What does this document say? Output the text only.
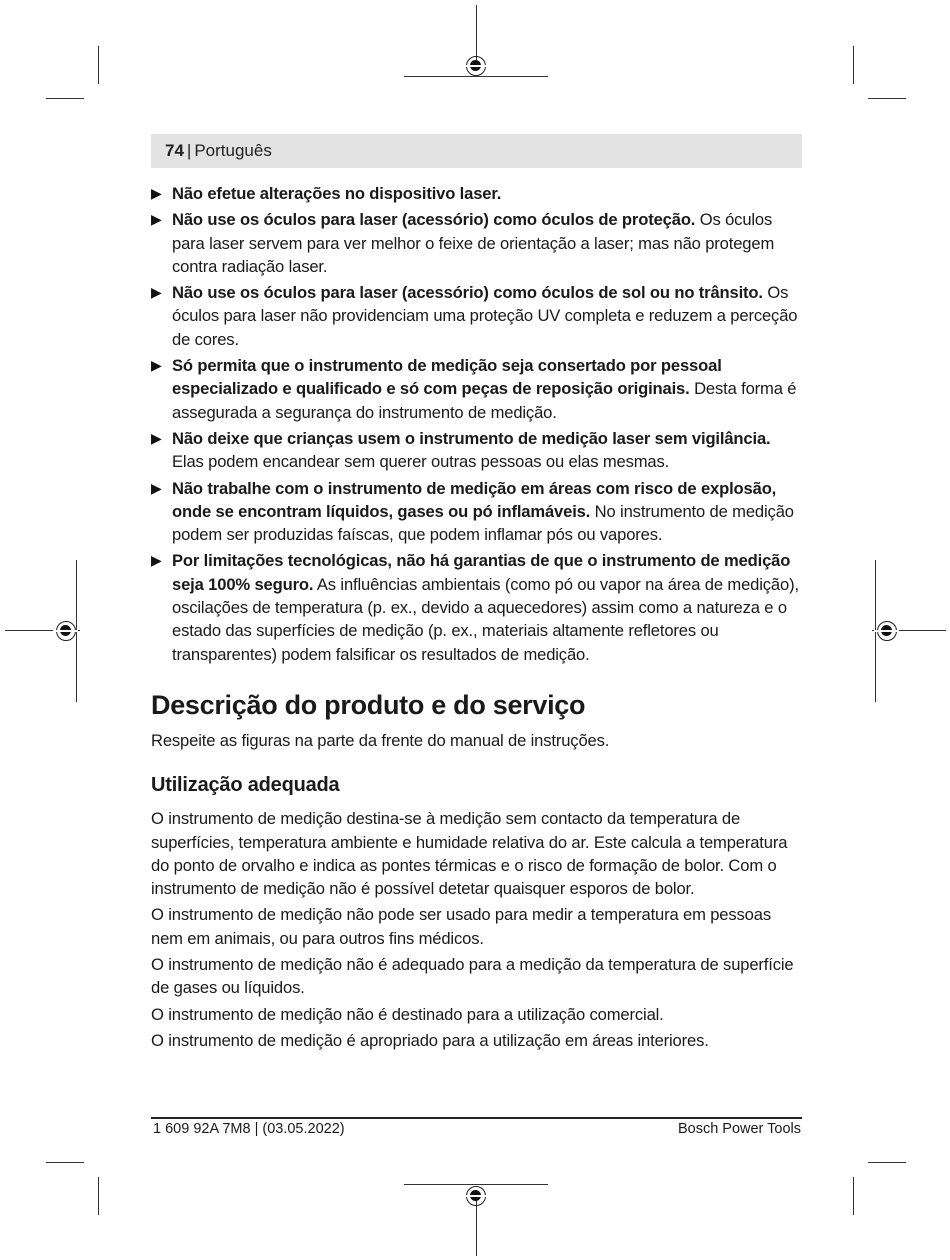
74 | Português
▶ Não efetue alterações no dispositivo laser.
▶ Não use os óculos para laser (acessório) como óculos de proteção. Os óculos para laser servem para ver melhor o feixe de orientação a laser; mas não protegem contra radiação laser.
▶ Não use os óculos para laser (acessório) como óculos de sol ou no trânsito. Os óculos para laser não providenciam uma proteção UV completa e reduzem a perceção de cores.
▶ Só permita que o instrumento de medição seja consertado por pessoal especializado e qualificado e só com peças de reposição originais. Desta forma é assegurada a segurança do instrumento de medição.
▶ Não deixe que crianças usem o instrumento de medição laser sem vigilância. Elas podem encandear sem querer outras pessoas ou elas mesmas.
▶ Não trabalhe com o instrumento de medição em áreas com risco de explosão, onde se encontram líquidos, gases ou pó inflamáveis. No instrumento de medição podem ser produzidas faíscas, que podem inflamar pós ou vapores.
▶ Por limitações tecnológicas, não há garantias de que o instrumento de medição seja 100% seguro. As influências ambientais (como pó ou vapor na área de medição), oscilações de temperatura (p. ex., devido a aquecedores) assim como a natureza e o estado das superfícies de medição (p. ex., materiais altamente refletores ou transparentes) podem falsificar os resultados de medição.
Descrição do produto e do serviço

Respeite as figuras na parte da frente do manual de instruções.

Utilização adequada

O instrumento de medição destina-se à medição sem contacto da temperatura de superfícies, temperatura ambiente e humidade relativa do ar. Este calcula a temperatura do ponto de orvalho e indica as pontes térmicas e o risco de formação de bolor. Com o instrumento de medição não é possível detetar quaisquer esporos de bolor.

O instrumento de medição não pode ser usado para medir a temperatura em pessoas nem em animais, ou para outros fins médicos.

O instrumento de medição não é adequado para a medição da temperatura de superfície de gases ou líquidos.

O instrumento de medição não é destinado para a utilização comercial.

O instrumento de medição é apropriado para a utilização em áreas interiores.

1 609 92A 7M8 | (03.05.2022)	Bosch Power Tools
